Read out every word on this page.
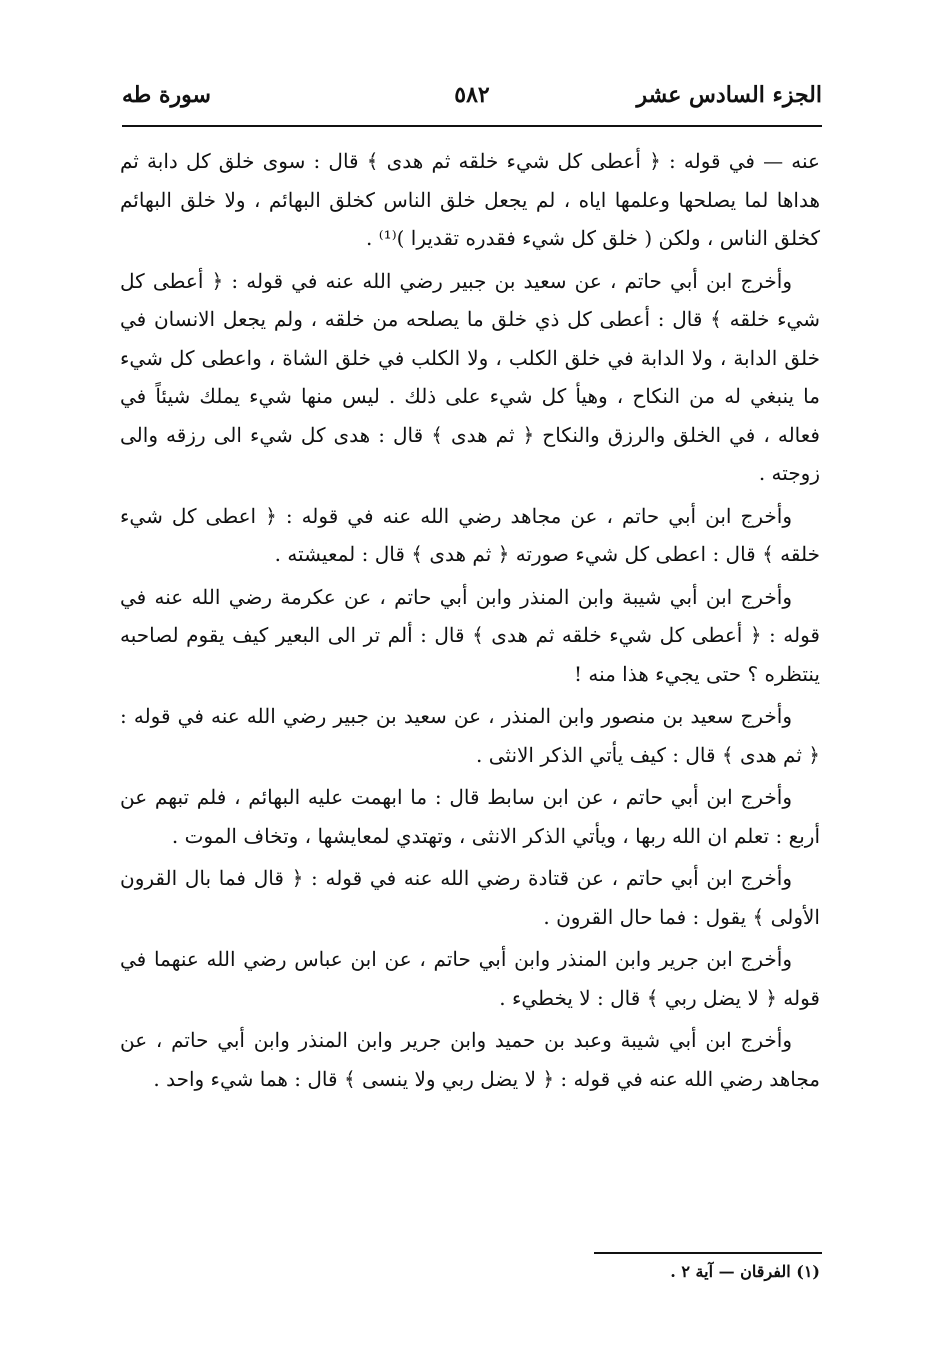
الجزء السادس عشر
٥٨٢
سورة طه

عنه — في قوله : ﴿ أعطى كل شيء خلقه ثم هدى ﴾ قال : سوى خلق كل دابة ثم هداها لما يصلحها وعلمها اياه ، لم يجعل خلق الناس كخلق البهائم ، ولا خلق البهائم كخلق الناس ، ولكن ( خلق كل شيء فقدره تقديرا )⁽¹⁾ .

وأخرج ابن أبي حاتم ، عن سعيد بن جبير رضي الله عنه في قوله : ﴿ أعطى كل شيء خلقه ﴾ قال : أعطى كل ذي خلق ما يصلحه من خلقه ، ولم يجعل الانسان في خلق الدابة ، ولا الدابة في خلق الكلب ، ولا الكلب في خلق الشاة ، واعطى كل شيء ما ينبغي له من النكاح ، وهيأ كل شيء على ذلك . ليس منها شيء يملك شيئاً في فعاله ، في الخلق والرزق والنكاح ﴿ ثم هدى ﴾ قال : هدى كل شيء الى رزقه والى زوجته .

وأخرج ابن أبي حاتم ، عن مجاهد رضي الله عنه في قوله : ﴿ اعطى كل شيء خلقه ﴾ قال : اعطى كل شيء صورته ﴿ ثم هدى ﴾ قال : لمعيشته .

وأخرج ابن أبي شيبة وابن المنذر وابن أبي حاتم ، عن عكرمة رضي الله عنه في قوله : ﴿ أعطى كل شيء خلقه ثم هدى ﴾ قال : ألم تر الى البعير كيف يقوم لصاحبه ينتظره ؟ حتى يجيء هذا منه !

وأخرج سعيد بن منصور وابن المنذر ، عن سعيد بن جبير رضي الله عنه في قوله : ﴿ ثم هدى ﴾ قال : كيف يأتي الذكر الانثى .

وأخرج ابن أبي حاتم ، عن ابن سابط قال : ما ابهمت عليه البهائم ، فلم تبهم عن أربع : تعلم ان الله ربها ، ويأتي الذكر الانثى ، وتهتدي لمعايشها ، وتخاف الموت .

وأخرج ابن أبي حاتم ، عن قتادة رضي الله عنه في قوله : ﴿ قال فما بال القرون الأولى ﴾ يقول : فما حال القرون .

وأخرج ابن جرير وابن المنذر وابن أبي حاتم ، عن ابن عباس رضي الله عنهما في قوله ﴿ لا يضل ربي ﴾ قال : لا يخطيء .

وأخرج ابن أبي شيبة وعبد بن حميد وابن جرير وابن المنذر وابن أبي حاتم ، عن مجاهد رضي الله عنه في قوله : ﴿ لا يضل ربي ولا ينسى ﴾ قال : هما شيء واحد .

(١) الفرقان — آية ٢ .
